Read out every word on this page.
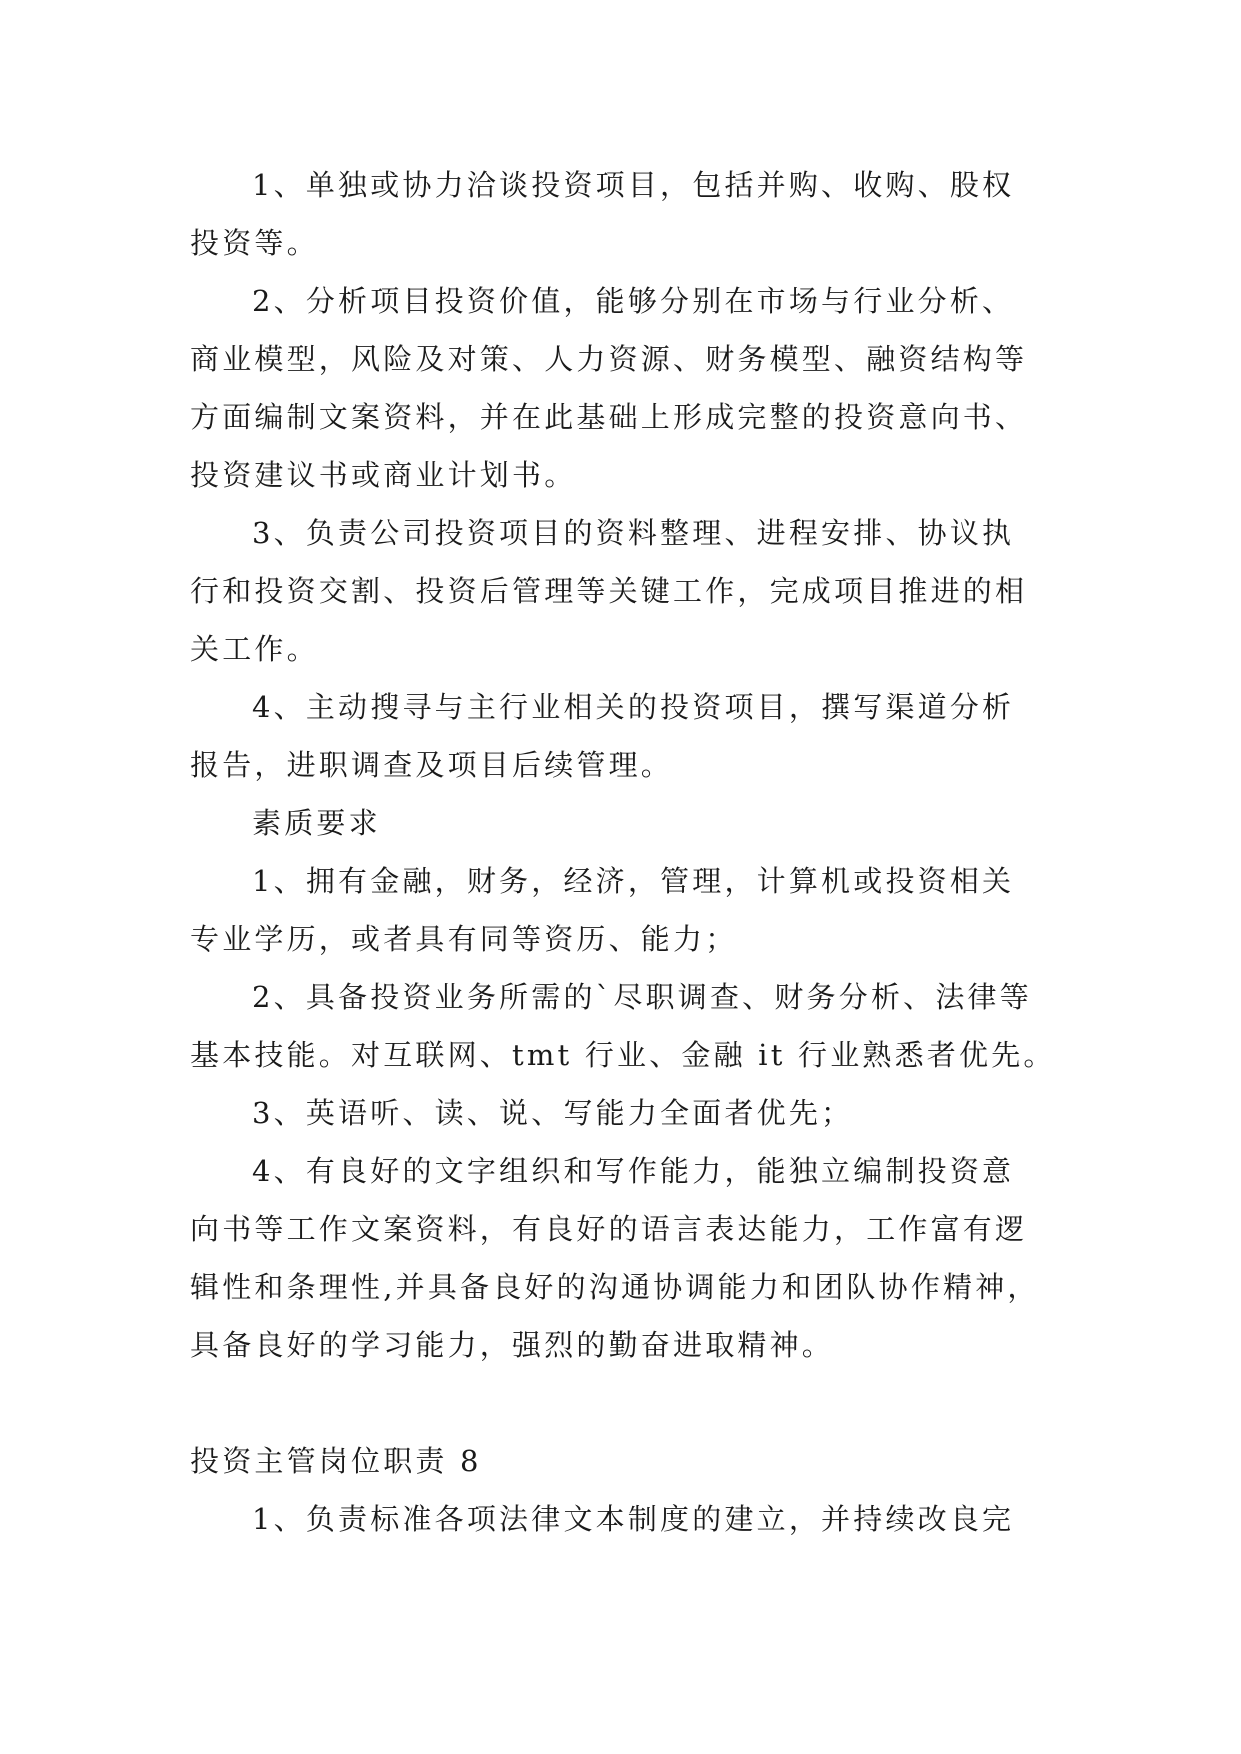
1、单独或协力洽谈投资项目，包括并购、收购、股权
投资等。
2、分析项目投资价值，能够分别在市场与行业分析、
商业模型，风险及对策、人力资源、财务模型、融资结构等
方面编制文案资料，并在此基础上形成完整的投资意向书、
投资建议书或商业计划书。
3、负责公司投资项目的资料整理、进程安排、协议执
行和投资交割、投资后管理等关键工作，完成项目推进的相
关工作。
4、主动搜寻与主行业相关的投资项目，撰写渠道分析
报告，进职调查及项目后续管理。
素质要求
1、拥有金融，财务，经济，管理，计算机或投资相关
专业学历，或者具有同等资历、能力；
2、具备投资业务所需的`尽职调查、财务分析、法律等
基本技能。对互联网、tmt 行业、金融 it 行业熟悉者优先。
3、英语听、读、说、写能力全面者优先；
4、有良好的文字组织和写作能力，能独立编制投资意
向书等工作文案资料，有良好的语言表达能力，工作富有逻
辑性和条理性,并具备良好的沟通协调能力和团队协作精神，
具备良好的学习能力，强烈的勤奋进取精神。
投资主管岗位职责 8
1、负责标准各项法律文本制度的建立，并持续改良完
